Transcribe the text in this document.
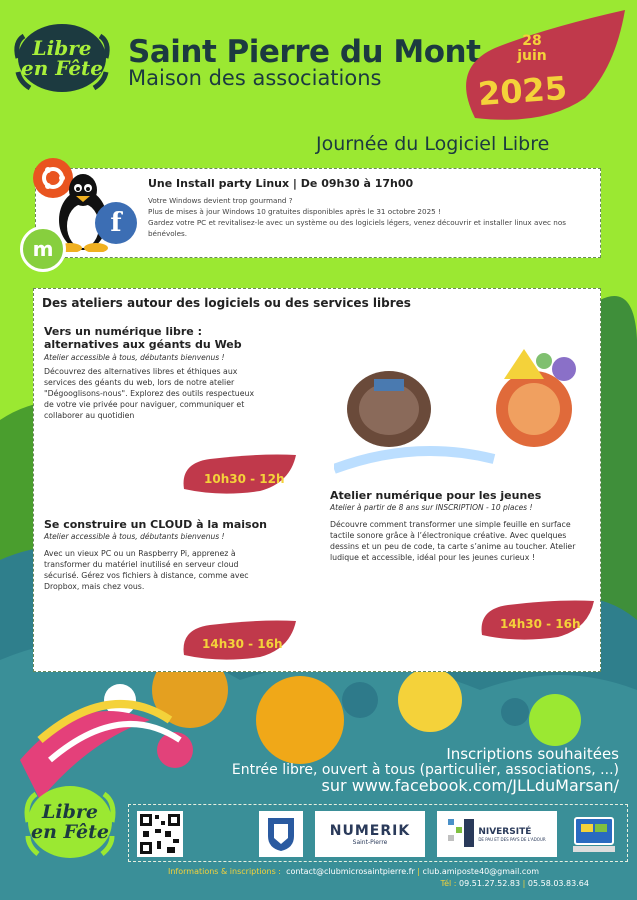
Libre
en Fête Saint Pierre du Mont
Maison des associations
28
juin
2025
Journée du Logiciel Libre
Une Install party Linux | De 09h30 à 17h00
Votre Windows devient trop gourmand ?
Plus de mises à jour Windows 10 gratuites disponibles après le 31 octobre 2025 !
Gardez votre PC et revitalisez-le avec un système ou des logiciels légers, venez découvrir et installer linux avec nos bénévoles.
f
m
Des ateliers autour des logiciels ou des services libres
Vers un numérique libre : alternatives aux géants du Web
Atelier accessible à tous, débutants bienvenus !
Découvrez des alternatives libres et éthiques aux services des géants du web, lors de notre atelier "Dégooglisons-nous". Explorez des outils respectueux de votre vie privée pour naviguer, communiquer et collaborer au quotidien
10h30 - 12h
Se construire un CLOUD à la maison
Atelier accessible à tous, débutants bienvenus !
Avec un vieux PC ou un Raspberry Pi, apprenez à transformer du matériel inutilisé en serveur cloud sécurisé. Gérez vos fichiers à distance, comme avec Dropbox, mais chez vous.
14h30 - 16h
Atelier numérique pour les jeunes
Atelier à partir de 8 ans sur INSCRIPTION - 10 places !
Découvre comment transformer une simple feuille en surface tactile sonore grâce à l’électronique créative. Avec quelques dessins et un peu de code, ta carte s’anime au toucher. Atelier ludique et accessible, idéal pour les jeunes curieux !
14h30 - 16h
Inscriptions souhaitées
Entrée libre, ouvert à tous (particulier, associations, ...)
sur www.facebook.com/JLLduMarsan/
Libre
en Fête	NUMERIK
Saint-Pierre
NIVERSITÉ
DE PAU ET DES PAYS DE L'ADOUR
Informations & inscriptions : contact@clubmicrosaintpierre.fr | club.amiposte40@gmail.com
Tél : 09.51.27.52.83 | 05.58.03.83.64
